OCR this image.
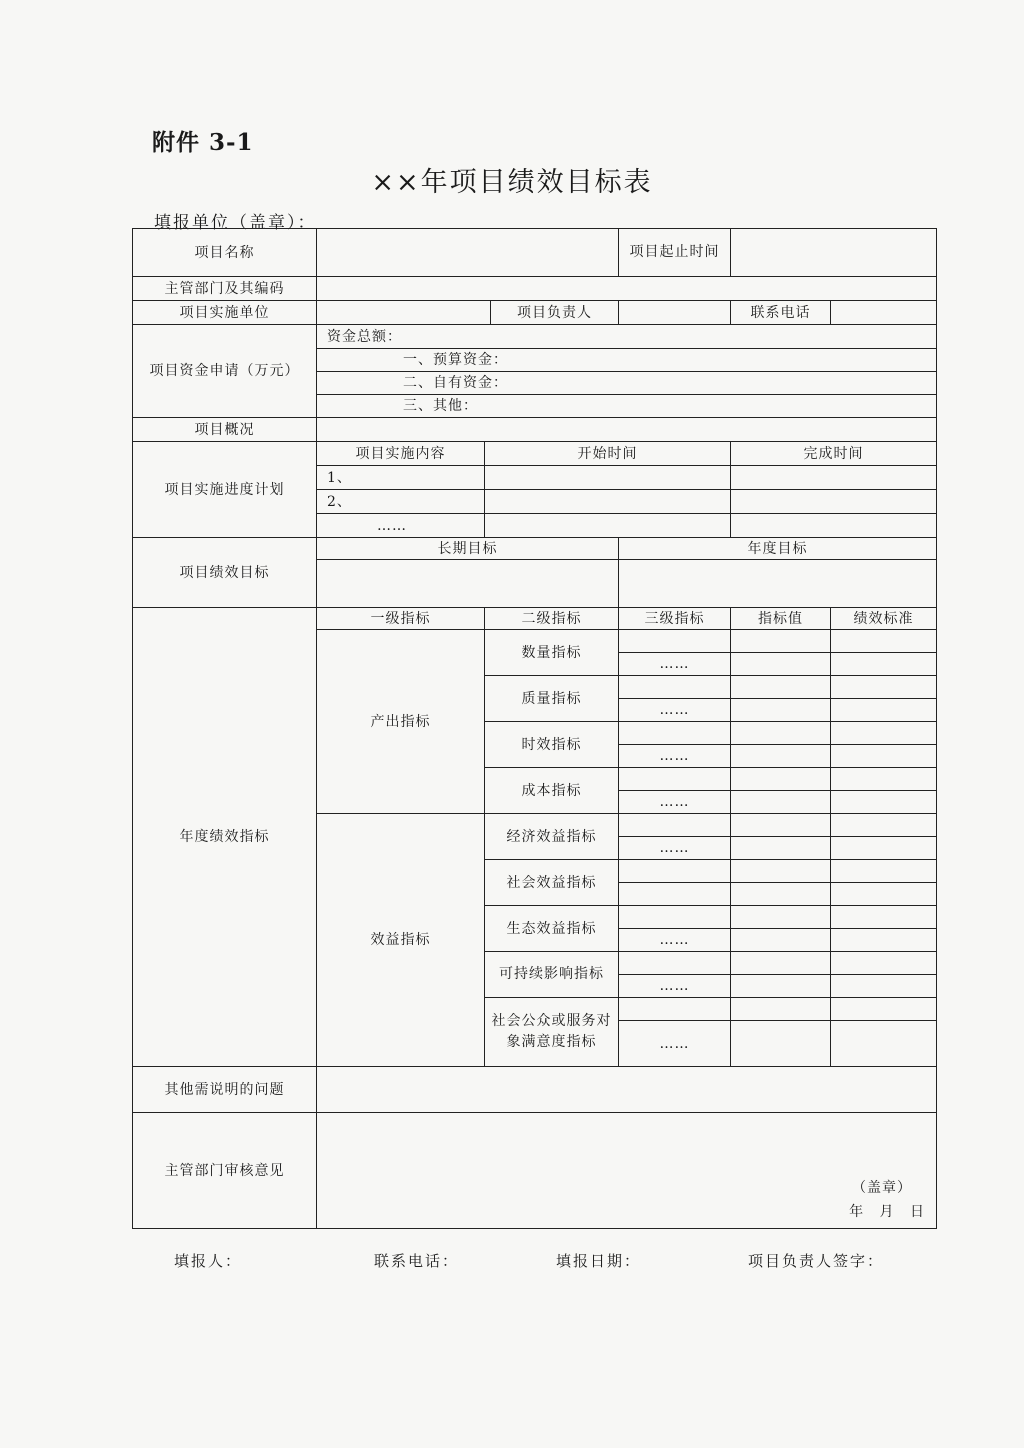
附件 3-1
××年项目绩效目标表
填报单位（盖章）：
项目名称				项目起止时间		
主管部门及其编码						
项目实施单位			项目负责人		联系电话	
项目资金申请（万元）	资金总额：					
	一、预算资金：					
	二、自有资金：					
	三、其他：					
项目概况						
项目实施进度计划	项目实施内容	开始时间			完成时间	
	1、					
	2、					
	……					
项目绩效目标	长期目标			年度目标		

年度绩效指标	一级指标	二级指标		三级指标	指标值	绩效标准
	产出指标	数量指标				
				……		
		质量指标				
				……		
		时效指标				
				……		
		成本指标				
				……		
	效益指标	经济效益指标				
				……		
		社会效益指标				

		生态效益指标				
				……		
		可持续影响指标				
				……		
		社会公众或服务对象满意度指标				
				……		

其他需说明的问题						
主管部门审核意见	（盖章）
年 月 日					
填报人：	联系电话：	填报日期：	项目负责人签字：
